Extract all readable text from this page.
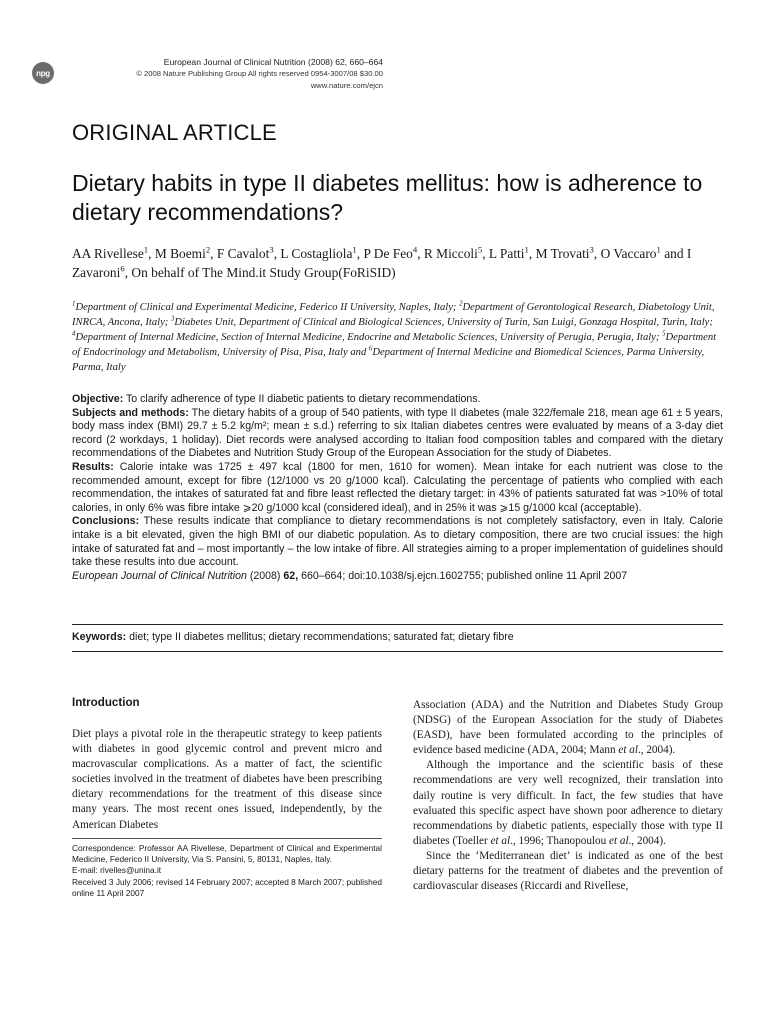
npg
European Journal of Clinical Nutrition (2008) 62, 660–664
© 2008 Nature Publishing Group All rights reserved 0954-3007/08 $30.00
www.nature.com/ejcn
ORIGINAL ARTICLE
Dietary habits in type II diabetes mellitus: how is adherence to dietary recommendations?
AA Rivellese$^1$, M Boemi$^2$, F Cavalot$^3$, L Costagliola$^1$, P De Feo$^4$, R Miccoli$^5$, L Patti$^1$, M Trovati$^3$, O Vaccaro$^1$ and I Zavaroni$^6$, On behalf of The Mind.it Study Group(FoRiSID)
$^1$Department of Clinical and Experimental Medicine, Federico II University, Naples, Italy; $^2$Department of Gerontological Research, Diabetology Unit, INRCA, Ancona, Italy; $^3$Diabetes Unit, Department of Clinical and Biological Sciences, University of Turin, San Luigi, Gonzaga Hospital, Turin, Italy; $^4$Department of Internal Medicine, Section of Internal Medicine, Endocrine and Metabolic Sciences, University of Perugia, Perugia, Italy; $^5$Department of Endocrinology and Metabolism, University of Pisa, Pisa, Italy and $^6$Department of Internal Medicine and Biomedical Sciences, Parma University, Parma, Italy

Objective: To clarify adherence of type II diabetic patients to dietary recommendations.

Subjects and methods: The dietary habits of a group of 540 patients, with type II diabetes (male 322/female 218, mean age 61 ± 5 years, body mass index (BMI) 29.7 ± 5.2 kg/m²; mean ± s.d.) referring to six Italian diabetes centres were evaluated by means of a 3-day diet record (2 workdays, 1 holiday). Diet records were analysed according to Italian food composition tables and compared with the dietary recommendations of the Diabetes and Nutrition Study Group of the European Association for the study of Diabetes.

Results: Calorie intake was 1725 ± 497 kcal (1800 for men, 1610 for women). Mean intake for each nutrient was close to the recommended amount, except for fibre (12/1000 vs 20 g/1000 kcal). Calculating the percentage of patients who complied with each recommendation, the intakes of saturated fat and fibre least reflected the dietary target: in 43% of patients saturated fat was >10% of total calories, in only 6% was fibre intake ⩾20 g/1000 kcal (considered ideal), and in 25% it was ⩾15 g/1000 kcal (acceptable).

Conclusions: These results indicate that compliance to dietary recommendations is not completely satisfactory, even in Italy. Calorie intake is a bit elevated, given the high BMI of our diabetic population. As to dietary composition, there are two crucial issues: the high intake of saturated fat and – most importantly – the low intake of fibre. All strategies aiming to a proper implementation of guidelines should take these results into due account.

European Journal of Clinical Nutrition (2008) 62, 660–664; doi:10.1038/sj.ejcn.1602755; published online 11 April 2007

Keywords: diet; type II diabetes mellitus; dietary recommendations; saturated fat; dietary fibre
Introduction

Diet plays a pivotal role in the therapeutic strategy to keep patients with diabetes in good glycemic control and prevent micro and macrovascular complications. As a matter of fact, the scientific societies involved in the treatment of diabetes have been prescribing dietary recommendations for the treatment of this disease since many years. The most recent ones issued, independently, by the American Diabetes

Correspondence: Professor AA Rivellese, Department of Clinical and Experimental Medicine, Federico II University, Via S. Pansini, 5, 80131, Naples, Italy.

E-mail: rivelles@unina.it

Received 3 July 2006; revised 14 February 2007; accepted 8 March 2007; published online 11 April 2007

Association (ADA) and the Nutrition and Diabetes Study Group (NDSG) of the European Association for the study of Diabetes (EASD), have been formulated according to the principles of evidence based medicine (ADA, 2004; Mann et al., 2004).

Although the importance and the scientific basis of these recommendations are very well recognized, their translation into daily routine is very difficult. In fact, the few studies that have evaluated this specific aspect have shown poor adherence to dietary recommendations by diabetic patients, especially those with type II diabetes (Toeller et al., 1996; Thanopoulou et al., 2004).

Since the ‘Mediterranean diet’ is indicated as one of the best dietary patterns for the treatment of diabetes and the prevention of cardiovascular diseases (Riccardi and Rivellese,
